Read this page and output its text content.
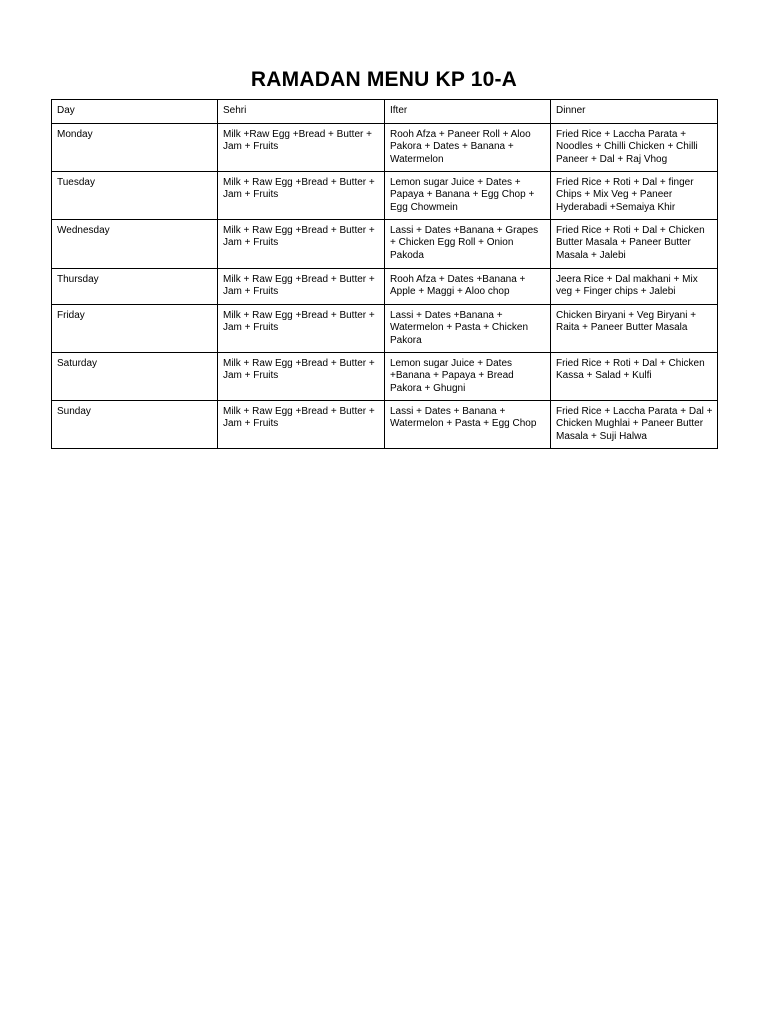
RAMADAN MENU KP 10-A
Day	Sehri	Ifter	Dinner
Monday	Milk +Raw Egg +Bread + Butter + Jam + Fruits	Rooh Afza + Paneer Roll + Aloo Pakora + Dates + Banana + Watermelon	Fried Rice + Laccha Parata + Noodles + Chilli Chicken + Chilli Paneer + Dal + Raj Vhog
Tuesday	Milk + Raw Egg +Bread + Butter + Jam + Fruits	Lemon sugar Juice + Dates + Papaya + Banana + Egg Chop + Egg Chowmein	Fried Rice + Roti + Dal + finger Chips + Mix Veg + Paneer Hyderabadi +Semaiya Khir
Wednesday	Milk + Raw Egg +Bread + Butter + Jam + Fruits	Lassi + Dates +Banana + Grapes + Chicken Egg Roll + Onion Pakoda	Fried Rice + Roti + Dal + Chicken Butter Masala + Paneer Butter Masala + Jalebi
Thursday	Milk + Raw Egg +Bread + Butter + Jam + Fruits	Rooh Afza + Dates +Banana + Apple + Maggi + Aloo chop	Jeera Rice + Dal makhani + Mix veg + Finger chips + Jalebi
Friday	Milk + Raw Egg +Bread + Butter + Jam + Fruits	Lassi + Dates +Banana + Watermelon + Pasta + Chicken Pakora	Chicken Biryani + Veg Biryani + Raita + Paneer Butter Masala
Saturday	Milk + Raw Egg +Bread + Butter + Jam + Fruits	Lemon sugar Juice + Dates +Banana + Papaya + Bread Pakora + Ghugni	Fried Rice + Roti + Dal + Chicken Kassa + Salad + Kulfi
Sunday	Milk + Raw Egg +Bread + Butter + Jam + Fruits	Lassi + Dates + Banana + Watermelon + Pasta + Egg Chop	Fried Rice + Laccha Parata + Dal + Chicken Mughlai + Paneer Butter Masala + Suji Halwa
